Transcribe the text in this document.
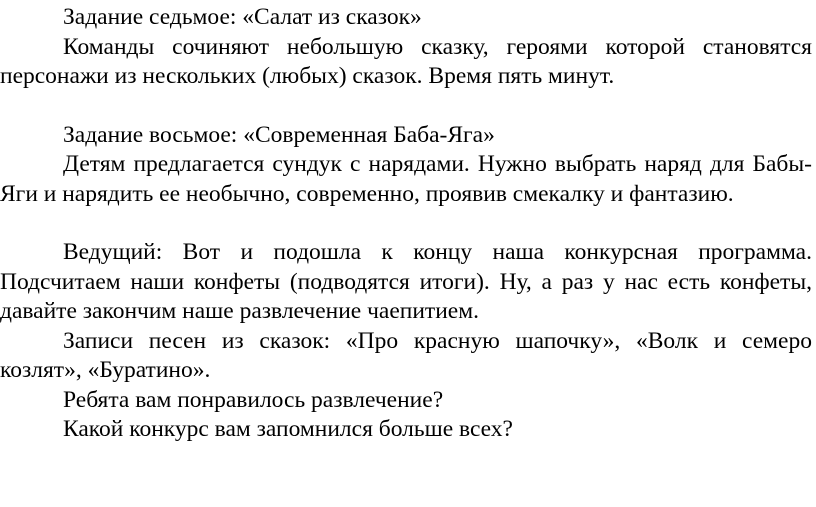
Задание седьмое: «Салат из сказок»
Команды сочиняют небольшую сказку, героями которой становятся
персонажи из нескольких (любых) сказок. Время пять минут.
Задание восьмое: «Современная Баба-Яга»
Детям предлагается сундук с нарядами. Нужно выбрать наряд для Бабы-
Яги и нарядить ее необычно, современно, проявив смекалку и фантазию.
Ведущий: Вот и подошла к концу наша конкурсная программа.
Подсчитаем наши конфеты (подводятся итоги). Ну, а раз у нас есть конфеты,
давайте закончим наше развлечение чаепитием.
Записи песен из сказок: «Про красную шапочку», «Волк и семеро
козлят», «Буратино».
Ребята вам понравилось развлечение?
Какой конкурс вам запомнился больше всех?
